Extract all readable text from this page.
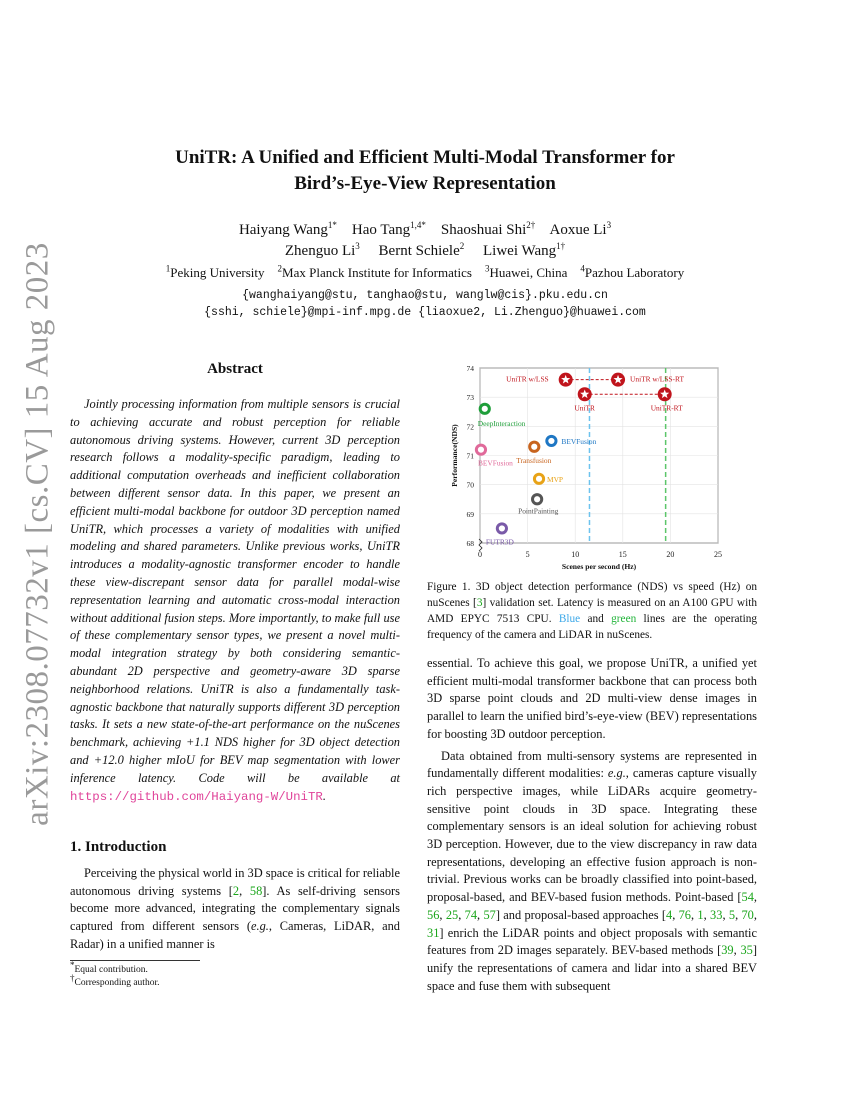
arXiv:2308.07732v1 [cs.CV] 15 Aug 2023
UniTR: A Unified and Efficient Multi-Modal Transformer for
Bird’s-Eye-View Representation
Haiyang Wang$^{1*}$ Hao Tang$^{1,4*}$ Shaoshuai Shi$^{2\dagger}$ Aoxue Li$^3$
Zhenguo Li$^3$ Bernt Schiele$^2$ Liwei Wang$^{1\dagger}$
$^1$Peking University $^2$Max Planck Institute for Informatics $^3$Huawei, China $^4$Pazhou Laboratory
{wanghaiyang@stu, tanghao@stu, wanglw@cis}.pku.edu.cn
{sshi, schiele}@mpi-inf.mpg.de {liaoxue2, Li.Zhenguo}@huawei.com
Abstract

Jointly processing information from multiple sensors is crucial to achieving accurate and robust perception for reliable autonomous driving systems. However, current 3D perception research follows a modality-specific paradigm, leading to additional computation overheads and inefficient collaboration between different sensor data. In this paper, we present an efficient multi-modal backbone for outdoor 3D perception named UniTR, which processes a variety of modalities with unified modeling and shared parameters. Unlike previous works, UniTR introduces a modality-agnostic transformer encoder to handle these view-discrepant sensor data for parallel modal-wise representation learning and automatic cross-modal interaction without additional fusion steps. More importantly, to make full use of these complementary sensor types, we present a novel multi-modal integration strategy by both considering semantic-abundant 2D perspective and geometry-aware 3D sparse neighborhood relations. UniTR is also a fundamentally task-agnostic backbone that naturally supports different 3D perception tasks. It sets a new state-of-the-art performance on the nuScenes benchmark, achieving +1.1 NDS higher for 3D object detection and +12.0 higher mIoU for BEV map segmentation with lower inference latency. Code will be available at https://github.com/Haiyang-W/UniTR.

1. Introduction

Perceiving the physical world in 3D space is critical for reliable autonomous driving systems [2, 58]. As self-driving sensors become more advanced, integrating the complementary signals captured from different sensors (e.g., Cameras, LiDAR, and Radar) in a unified manner is

*Equal contribution.
†Corresponding author.
0	5	10	15	20	25
74
73
72
71
70
69
68
UniTR w/LSS	UniTR w/LSS-RT
UniTR	UniTR-RT
DeepInteraction
BEVFusion
Transfusion
BEVFusion
MVP
PointPainting
FUTR3D
Scenes per second (Hz)
Performance(NDS)
Figure 1. 3D object detection performance (NDS) vs speed (Hz) on nuScenes [3] validation set. Latency is measured on an A100 GPU with AMD EPYC 7513 CPU. Blue and green lines are the operating frequency of the camera and LiDAR in nuScenes.

essential. To achieve this goal, we propose UniTR, a unified yet efficient multi-modal transformer backbone that can process both 3D sparse point clouds and 2D multi-view dense images in parallel to learn the unified bird’s-eye-view (BEV) representations for boosting 3D outdoor perception.

Data obtained from multi-sensory systems are represented in fundamentally different modalities: e.g., cameras capture visually rich perspective images, while LiDARs acquire geometry-sensitive point clouds in 3D space. Integrating these complementary sensors is an ideal solution for achieving robust 3D perception. However, due to the view discrepancy in raw data representations, developing an effective fusion approach is non-trivial. Previous works can be broadly classified into point-based, proposal-based, and BEV-based fusion methods. Point-based [54, 56, 25, 74, 57] and proposal-based approaches [4, 76, 1, 33, 5, 70, 31] enrich the LiDAR points and object proposals with semantic features from 2D images separately. BEV-based methods [39, 35] unify the representations of camera and lidar into a shared BEV space and fuse them with subsequent
